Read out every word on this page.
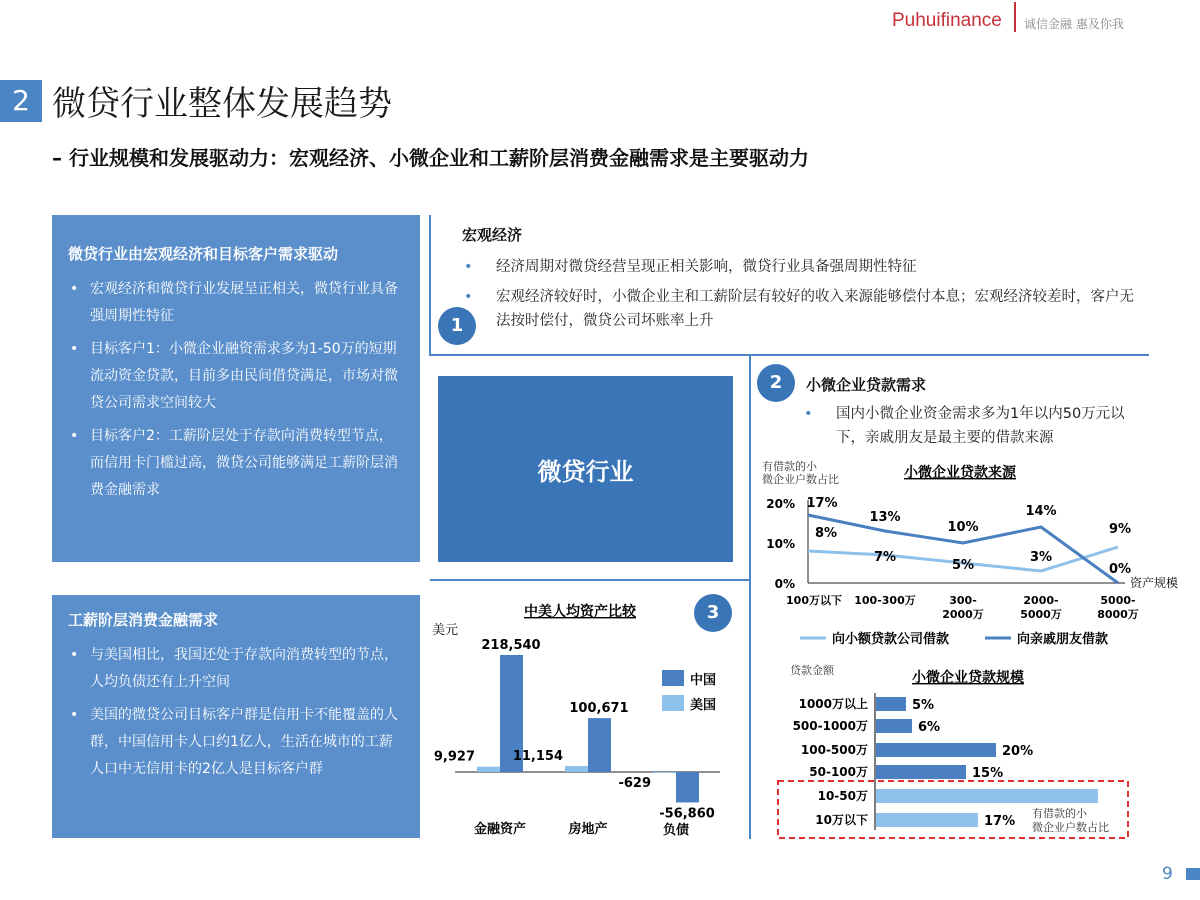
Puhuifinance 诚信金融 惠及你我
2 微贷行业整体发展趋势
– 行业规模和发展驱动力：宏观经济、小微企业和工薪阶层消费金融需求是主要驱动力
微贷行业由宏观经济和目标客户需求驱动
• 宏观经济和微贷行业发展呈正相关，微贷行业具备强周期性特征
• 目标客户1：小微企业融资需求多为1-50万的短期流动资金贷款，目前多由民间借贷满足，市场对微贷公司需求空间较大
• 目标客户2：工薪阶层处于存款向消费转型节点，而信用卡门槛过高，微贷公司能够满足工薪阶层消费金融需求
工薪阶层消费金融需求
• 与美国相比，我国还处于存款向消费转型的节点，人均负债还有上升空间
• 美国的微贷公司目标客户群是信用卡不能覆盖的人群，中国信用卡人口约1亿人，生活在城市的工薪人口中无信用卡的2亿人是目标客户群
宏观经济
• 经济周期对微贷经营呈现正相关影响，微贷行业具备强周期性特征
• 宏观经济较好时，小微企业主和工薪阶层有较好的收入来源能够偿付本息；宏观经济较差时，客户无法按时偿付，微贷公司坏账率上升
1
微贷行业
2	小微企业贷款需求
• 国内小微企业资金需求多为1年以内50万元以下，亲戚朋友是最主要的借款来源
3
中美人均资产比较
美元
中国
美国
9,927
218,540
金融资产
11,154
100,671
房地产
-629
-56,860
负债
有借款的小微企业户数占比	小微企业贷款来源
资产规模
0%
10%
20%
100万以下 100-300万	300-2000万
2000-5000万
5000-8000万
8%
7%
5%
3%
9%
17%
13%
10%
14%
0%
向小额贷款公司借款	向亲戚朋友借款
贷款金额	小微企业贷款规模
1000万以上	5%
500-1000万	6%
100-500万	20%
50-100万	15%
10-50万
10万以下	17%
有借款的小微企业户数占比
9
